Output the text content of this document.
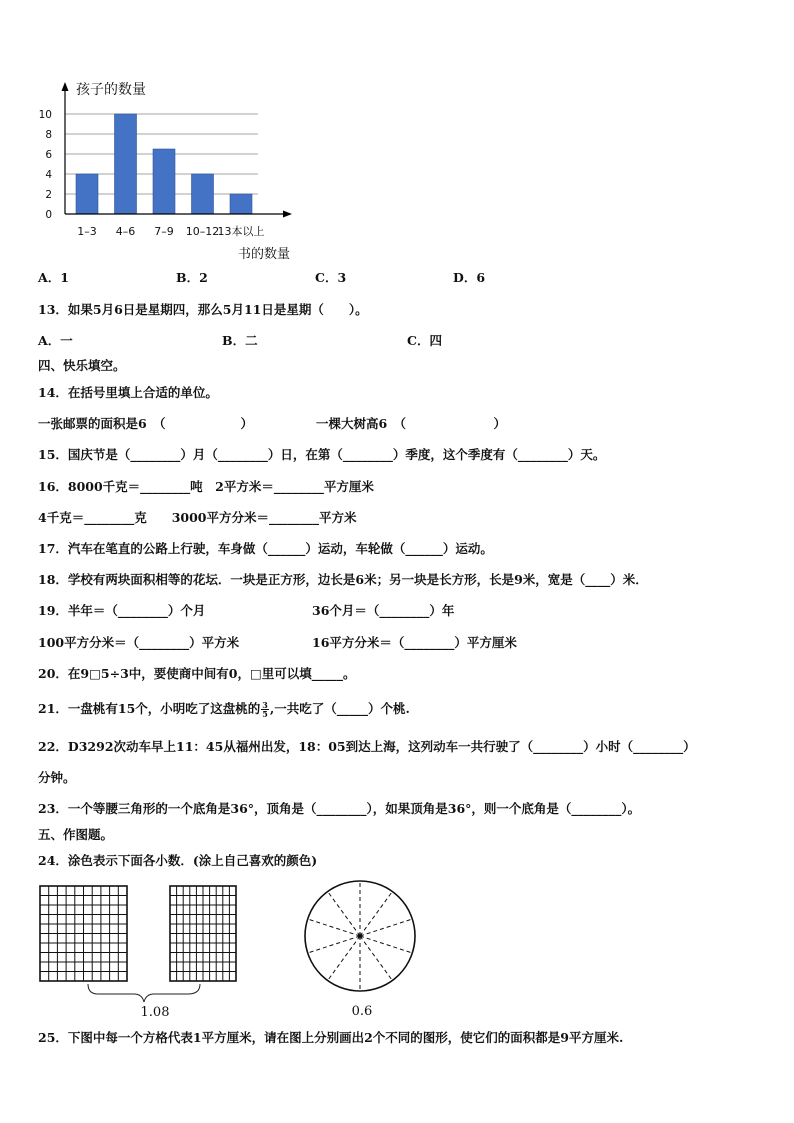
0
2
4
6
8
10
1–3 4–6 7–9 10–12
13本以上
孩子的数量
书的数量
A．1	B．2	C．3	D．6
13．如果5月6日是星期四，那么5月11日是星期（　　）。
A．一	B．二	C．四
四、快乐填空。
14．在括号里填上合适的单位。
一张邮票的面积是6　（　　　　　　）	一棵大树高6　（　　　　　　　）
15．国庆节是（________）月（________）日，在第（________）季度，这个季度有（________）天。
16．8000千克＝________吨　2平方米＝________平方厘米
4千克＝________克　　3000平方分米＝________平方米
17．汽车在笔直的公路上行驶，车身做（______）运动，车轮做（______）运动。
18．学校有两块面积相等的花坛．一块是正方形，边长是6米；另一块是长方形，长是9米，宽是（____）米．
19．半年＝（________）个月	36个月＝（________）年
100平方分米＝（________）平方米	16平方分米＝（________）平方厘米
20．在9□5÷3中，要使商中间有0，□里可以填_____。
21．一盘桃有15个，小明吃了这盘桃的 $\frac{3}{5}$ ,一共吃了（_____）个桃.
22．D3292次动车早上11：45从福州出发，18：05到达上海，这列动车一共行驶了（________）小时（________）
分钟。
23．一个等腰三角形的一个底角是36°，顶角是（________），如果顶角是36°，则一个底角是（________）。
五、作图题。
24．涂色表示下面各小数．(涂上自己喜欢的颜色)
1.08	0.6
25．下图中每一个方格代表1平方厘米，请在图上分别画出2个不同的图形，使它们的面积都是9平方厘米.
